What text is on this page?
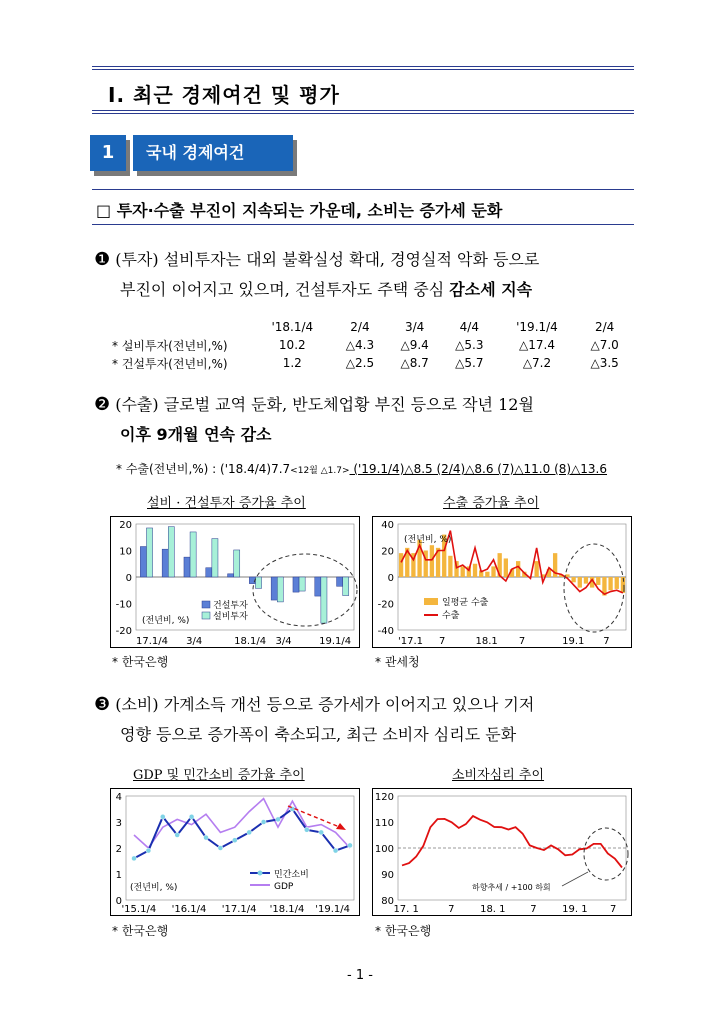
Ⅰ. 최근 경제여건 및 평가
1	국내 경제여건
□ 투자·수출 부진이 지속되는 가운데, 소비는 증가세 둔화
❶ (투자) 설비투자는 대외 불확실성 확대, 경영실적 악화 등으로
부진이 이어지고 있으며, 건설투자도 주택 중심 감소세 지속
	'18.1/4	2/4	3/4	4/4	'19.1/4	2/4
* 설비투자(전년비,%)	10.2	△4.3	△9.4	△5.3	△17.4	△7.0
* 건설투자(전년비,%)	1.2	△2.5	△8.7	△5.7	△7.2	△3.5
❷ (수출) 글로벌 교역 둔화, 반도체업황 부진 등으로 작년 12월
이후 9개월 연속 감소
* 수출(전년비,%) : ('18.4/4)7.7<12월 △1.7> ('19.1/4)△8.5 (2/4)△8.6 (7)△11.0 (8)△13.6
설비 · 건설투자 증가율 추이	수출 증가율 추이
20
10
0
-10
-20
건설투자
설비투자
(전년비, %)
17.1/4 3/4	18.1/4 3/4	19.1/4
40
20
0
-20
-40
일평균 수출
수출
(전년비, %)
'17.1 7	18.1 7	19.1 7
* 한국은행	* 관세청
❸ (소비) 가계소득 개선 등으로 증가세가 이어지고 있으나 기저
영향 등으로 증가폭이 축소되고, 최근 소비자 심리도 둔화
GDP 및 민간소비 증가율 추이	소비자심리 추이
4
3
2
1
0
민간소비
GDP
(전년비, %)
'15.1/4 '16.1/4 '17.1/4 '18.1/4 '19.1/4
120
110
100
90
80
하향추세 / +100 하회
17. 1	7	18. 1 7	19. 1 7
* 한국은행	* 한국은행
- 1 -
